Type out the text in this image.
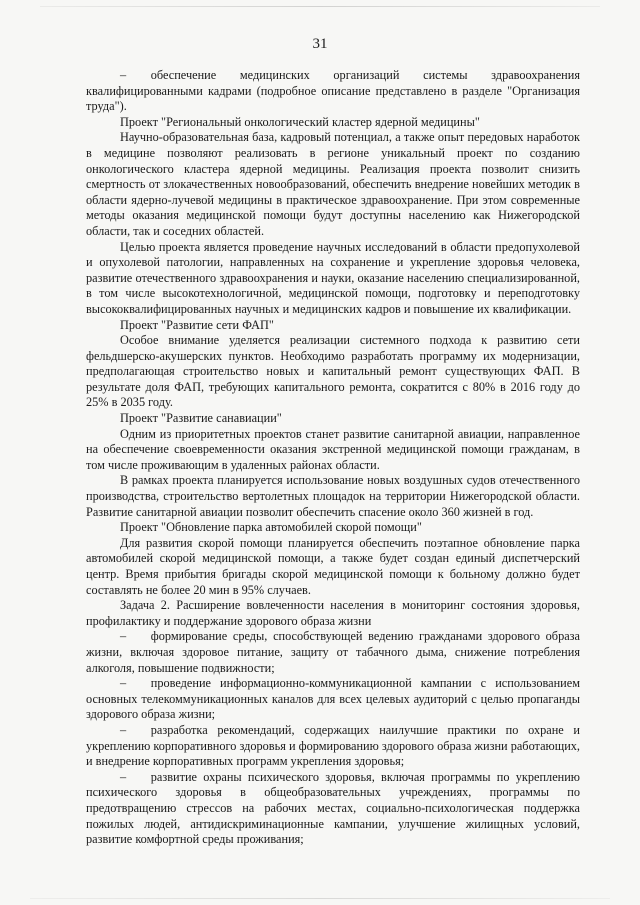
31

–  обеспечение медицинских организаций системы здравоохранения квалифицированными кадрами (подробное описание представлено в разделе "Организация труда").

Проект "Региональный онкологический кластер ядерной медицины"

Научно-образовательная база, кадровый потенциал, а также опыт передовых наработок в медицине позволяют реализовать в регионе уникальный проект по созданию онкологического кластера ядерной медицины. Реализация проекта позволит снизить смертность от злокачественных новообразований, обеспечить внедрение новейших методик в области ядерно-лучевой медицины в практическое здравоохранение. При этом современные методы оказания медицинской помощи будут доступны населению как Нижегородской области, так и соседних областей.

Целью проекта является проведение научных исследований в области предопухолевой и опухолевой патологии, направленных на сохранение и укрепление здоровья человека, развитие отечественного здравоохранения и науки, оказание населению специализированной, в том числе высокотехнологичной, медицинской помощи, подготовку и переподготовку высококвалифицированных научных и медицинских кадров и повышение их квалификации.

Проект "Развитие сети ФАП"

Особое внимание уделяется реализации системного подхода к развитию сети фельдшерско-акушерских пунктов. Необходимо разработать программу их модернизации, предполагающая строительство новых и капитальный ремонт существующих ФАП. В результате доля ФАП, требующих капитального ремонта, сократится с 80% в 2016 году до 25% в 2035 году.

Проект "Развитие санавиации"

Одним из приоритетных проектов станет развитие санитарной авиации, направленное на обеспечение своевременности оказания экстренной медицинской помощи гражданам, в том числе проживающим в удаленных районах области.

В рамках проекта планируется использование новых воздушных судов отечественного производства, строительство вертолетных площадок на территории Нижегородской области. Развитие санитарной авиации позволит обеспечить спасение около 360 жизней в год.

Проект "Обновление парка автомобилей скорой помощи"

Для развития скорой помощи планируется обеспечить поэтапное обновление парка автомобилей скорой медицинской помощи, а также будет создан единый диспетчерский центр. Время прибытия бригады скорой медицинской помощи к больному должно будет составлять не более 20 мин в 95% случаев.

Задача 2. Расширение вовлеченности населения в мониторинг состояния здоровья, профилактику и поддержание здорового образа жизни

–  формирование среды, способствующей ведению гражданами здорового образа жизни, включая здоровое питание, защиту от табачного дыма, снижение потребления алкоголя, повышение подвижности;

–  проведение информационно-коммуникационной кампании с использованием основных телекоммуникационных каналов для всех целевых аудиторий с целью пропаганды здорового образа жизни;

–  разработка рекомендаций, содержащих наилучшие практики по охране и укреплению корпоративного здоровья и формированию здорового образа жизни работающих, и внедрение корпоративных программ укрепления здоровья;

–  развитие охраны психического здоровья, включая программы по укреплению психического здоровья в общеобразовательных учреждениях, программы по предотвращению стрессов на рабочих местах, социально-психологическая поддержка пожилых людей, антидискриминационные кампании, улучшение жилищных условий, развитие комфортной среды проживания;
